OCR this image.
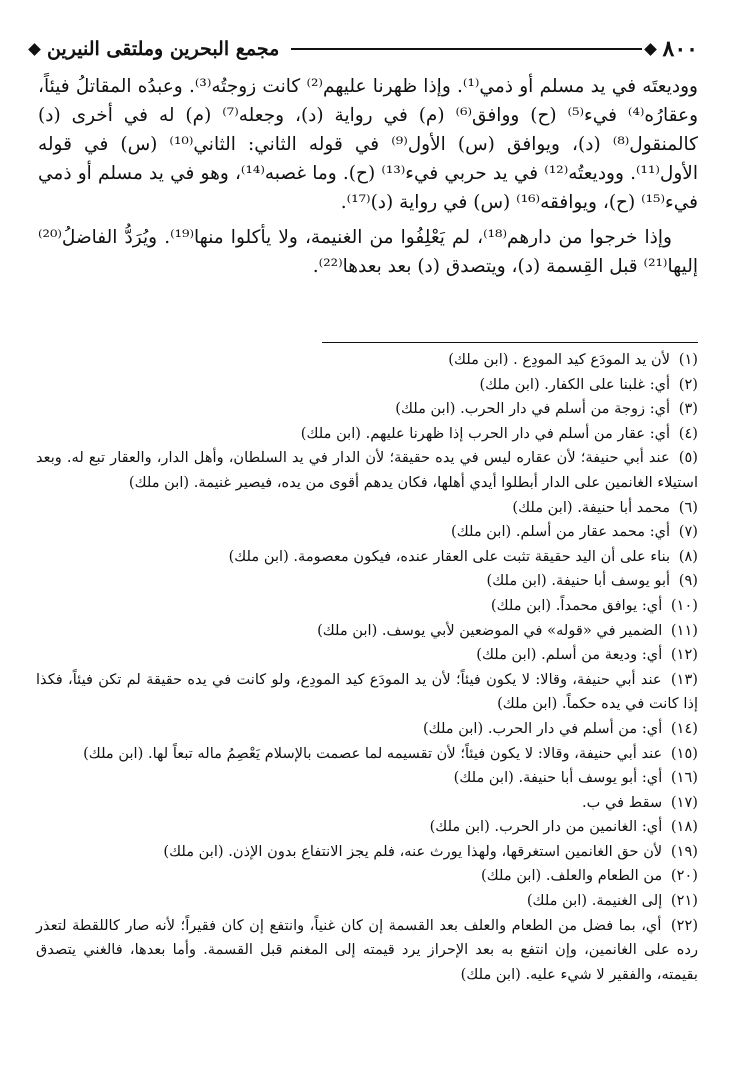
٨٠٠
مجمع البحرين وملتقى النيرين

ووديعتَه في يد مسلم أو ذمي⁽¹⁾. وإذا ظهرنا عليهم⁽²⁾ كانت زوجتُه⁽³⁾. وعبدُه المقاتلُ فيئاً، وعقارُه⁽⁴⁾ فيء⁽⁵⁾ (ح) ووافق⁽⁶⁾ (م) في رواية (د)، وجعله⁽⁷⁾ (م) له في أخرى (د) كالمنقول⁽⁸⁾ (د)، ويوافق (س) الأول⁽⁹⁾ في قوله الثاني: الثاني⁽¹⁰⁾ (س) في قوله الأول⁽¹¹⁾. ووديعتُه⁽¹²⁾ في يد حربي فيء⁽¹³⁾ (ح). وما غصبه⁽¹⁴⁾، وهو في يد مسلم أو ذمي فيء⁽¹⁵⁾ (ح)، ويوافقه⁽¹⁶⁾ (س) في رواية (د)⁽¹⁷⁾.

وإذا خرجوا من دارهم⁽¹⁸⁾، لم يَعْلِفُوا من الغنيمة، ولا يأكلوا منها⁽¹⁹⁾. ويُرَدُّ الفاضلُ⁽²⁰⁾ إليها⁽²¹⁾ قبل القِسمة (د)، ويتصدق (د) بعد بعدها⁽²²⁾.

(١) لأن يد المودَع كيد المودِع . (ابن ملك)
(٢) أي: غلبنا على الكفار. (ابن ملك)
(٣) أي: زوجة من أسلم في دار الحرب. (ابن ملك)
(٤) أي: عقار من أسلم في دار الحرب إذا ظهرنا عليهم. (ابن ملك)
(٥) عند أبي حنيفة؛ لأن عقاره ليس في يده حقيقة؛ لأن الدار في يد السلطان، وأهل الدار، والعقار تبع له. وبعد استيلاء الغانمين على الدار أبطلوا أيدي أهلها، فكان يدهم أقوى من يده، فيصير غنيمة. (ابن ملك)
(٦) محمد أبا حنيفة. (ابن ملك)
(٧) أي: محمد عقار من أسلم. (ابن ملك)
(٨) بناء على أن اليد حقيقة تثبت على العقار عنده، فيكون معصومة. (ابن ملك)
(٩) أبو يوسف أبا حنيفة. (ابن ملك)
(١٠) أي: يوافق محمداً. (ابن ملك)
(١١) الضمير في «قوله» في الموضعين لأبي يوسف. (ابن ملك)
(١٢) أي: وديعة من أسلم. (ابن ملك)
(١٣) عند أبي حنيفة، وقالا: لا يكون فيئاً؛ لأن يد المودَع كيد المودِع، ولو كانت في يده حقيقة لم تكن فيئاً، فكذا إذا كانت في يده حكماً. (ابن ملك)
(١٤) أي: من أسلم في دار الحرب. (ابن ملك)
(١٥) عند أبي حنيفة، وقالا: لا يكون فيئاً؛ لأن تقسيمه لما عصمت بالإسلام يَعْصِمُ ماله تبعاً لها. (ابن ملك)
(١٦) أي: أبو يوسف أبا حنيفة. (ابن ملك)
(١٧) سقط في ب.
(١٨) أي: الغانمين من دار الحرب. (ابن ملك)
(١٩) لأن حق الغانمين استغرقها، ولهذا يورث عنه، فلم يجز الانتفاع بدون الإذن. (ابن ملك)
(٢٠) من الطعام والعلف. (ابن ملك)
(٢١) إلى الغنيمة. (ابن ملك)
(٢٢) أي، بما فضل من الطعام والعلف بعد القسمة إن كان غنياً، وانتفع إن كان فقيراً؛ لأنه صار كاللقطة لتعذر رده على الغانمين، وإن انتفع به بعد الإحراز يرد قيمته إلى المغنم قبل القسمة. وأما بعدها، فالغني يتصدق بقيمته، والفقير لا شيء عليه. (ابن ملك)
